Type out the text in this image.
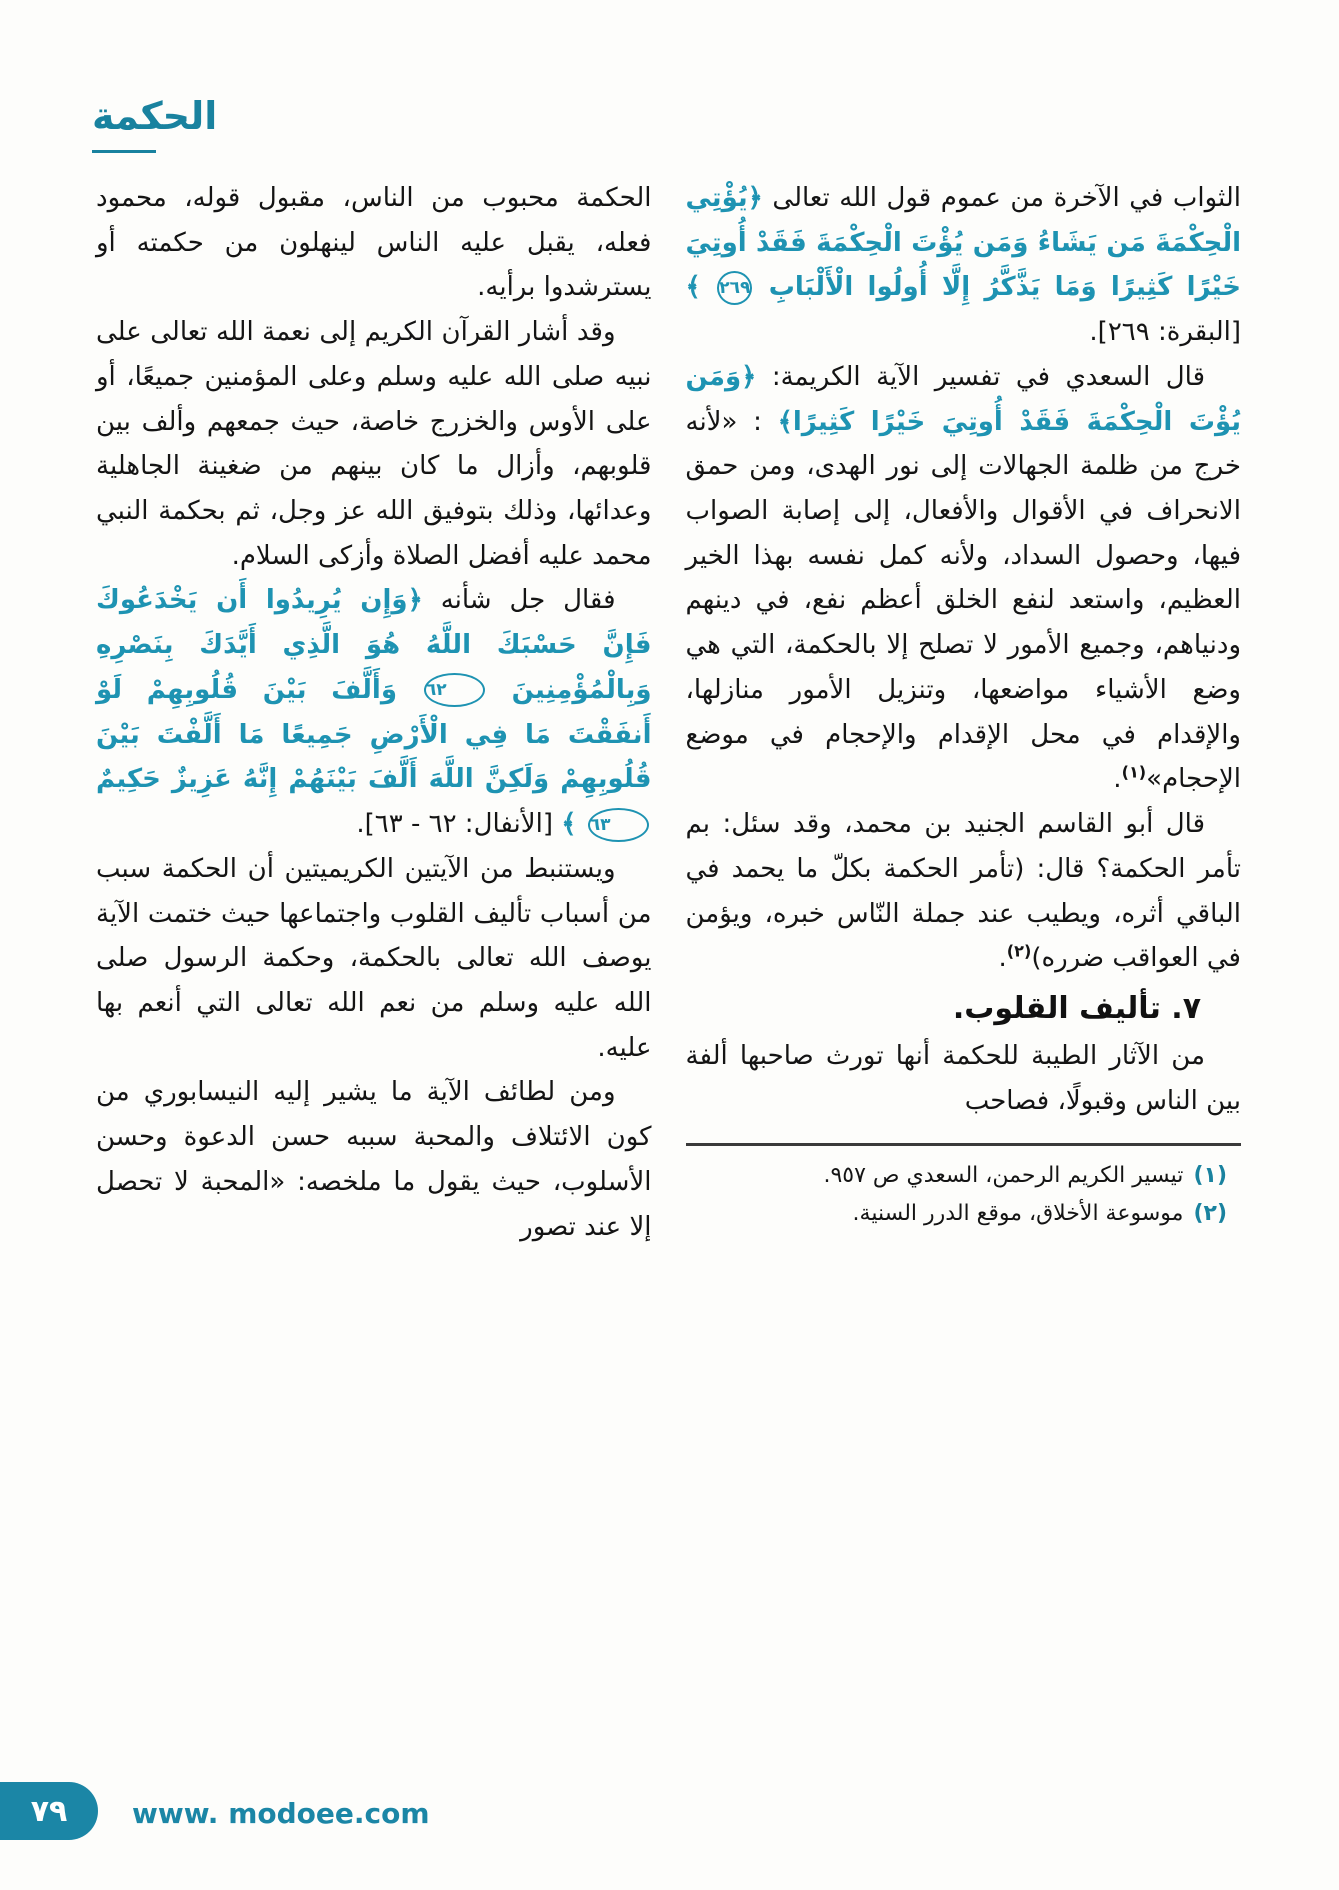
الحكمة

الثواب في الآخرة من عموم قول الله تعالى ﴿يُؤْتِي الْحِكْمَةَ مَن يَشَاءُ وَمَن يُؤْتَ الْحِكْمَةَ فَقَدْ أُوتِيَ خَيْرًا كَثِيرًا وَمَا يَذَّكَّرُ إِلَّا أُولُوا الْأَلْبَابِ ٢٦٩ ﴾ [البقرة: ٢٦٩].

قال السعدي في تفسير الآية الكريمة: ﴿وَمَن يُؤْتَ الْحِكْمَةَ فَقَدْ أُوتِيَ خَيْرًا كَثِيرًا﴾ : «لأنه خرج من ظلمة الجهالات إلى نور الهدى، ومن حمق الانحراف في الأقوال والأفعال، إلى إصابة الصواب فيها، وحصول السداد، ولأنه كمل نفسه بهذا الخير العظيم، واستعد لنفع الخلق أعظم نفع، في دينهم ودنياهم، وجميع الأمور لا تصلح إلا بالحكمة، التي هي وضع الأشياء مواضعها، وتنزيل الأمور منازلها، والإقدام في محل الإقدام والإحجام في موضع الإحجام»$^{(١)}$.

قال أبو القاسم الجنيد بن محمد، وقد سئل: بم تأمر الحكمة؟ قال: (تأمر الحكمة بكلّ ما يحمد في الباقي أثره، ويطيب عند جملة النّاس خبره، ويؤمن في العواقب ضرره)$^{(٢)}$.

٧. تأليف القلوب.

من الآثار الطيبة للحكمة أنها تورث صاحبها ألفة بين الناس وقبولًا، فصاحب

(١)
تيسير الكريم الرحمن، السعدي ص ٩٥٧.
(٢)
موسوعة الأخلاق، موقع الدرر السنية.

الحكمة محبوب من الناس، مقبول قوله، محمود فعله، يقبل عليه الناس لينهلون من حكمته أو يسترشدوا برأيه.

وقد أشار القرآن الكريم إلى نعمة الله تعالى على نبيه صلى الله عليه وسلم وعلى المؤمنين جميعًا، أو على الأوس والخزرج خاصة، حيث جمعهم وألف بين قلوبهم، وأزال ما كان بينهم من ضغينة الجاهلية وعدائها، وذلك بتوفيق الله عز وجل، ثم بحكمة النبي محمد عليه أفضل الصلاة وأزكى السلام.

فقال جل شأنه ﴿وَإِن يُرِيدُوا أَن يَخْدَعُوكَ فَإِنَّ حَسْبَكَ اللَّهُ هُوَ الَّذِي أَيَّدَكَ بِنَصْرِهِ وَبِالْمُؤْمِنِينَ ٦٢ وَأَلَّفَ بَيْنَ قُلُوبِهِمْ لَوْ أَنفَقْتَ مَا فِي الْأَرْضِ جَمِيعًا مَا أَلَّفْتَ بَيْنَ قُلُوبِهِمْ وَلَكِنَّ اللَّهَ أَلَّفَ بَيْنَهُمْ إِنَّهُ عَزِيزٌ حَكِيمٌ ٦٣ ﴾ [الأنفال: ٦٢ - ٦٣].

ويستنبط من الآيتين الكريميتين أن الحكمة سبب من أسباب تأليف القلوب واجتماعها حيث ختمت الآية يوصف الله تعالى بالحكمة، وحكمة الرسول صلى الله عليه وسلم من نعم الله تعالى التي أنعم بها عليه.

ومن لطائف الآية ما يشير إليه النيسابوري من كون الائتلاف والمحبة سببه حسن الدعوة وحسن الأسلوب، حيث يقول ما ملخصه: «المحبة لا تحصل إلا عند تصور

٧٩ www. modoee.com
